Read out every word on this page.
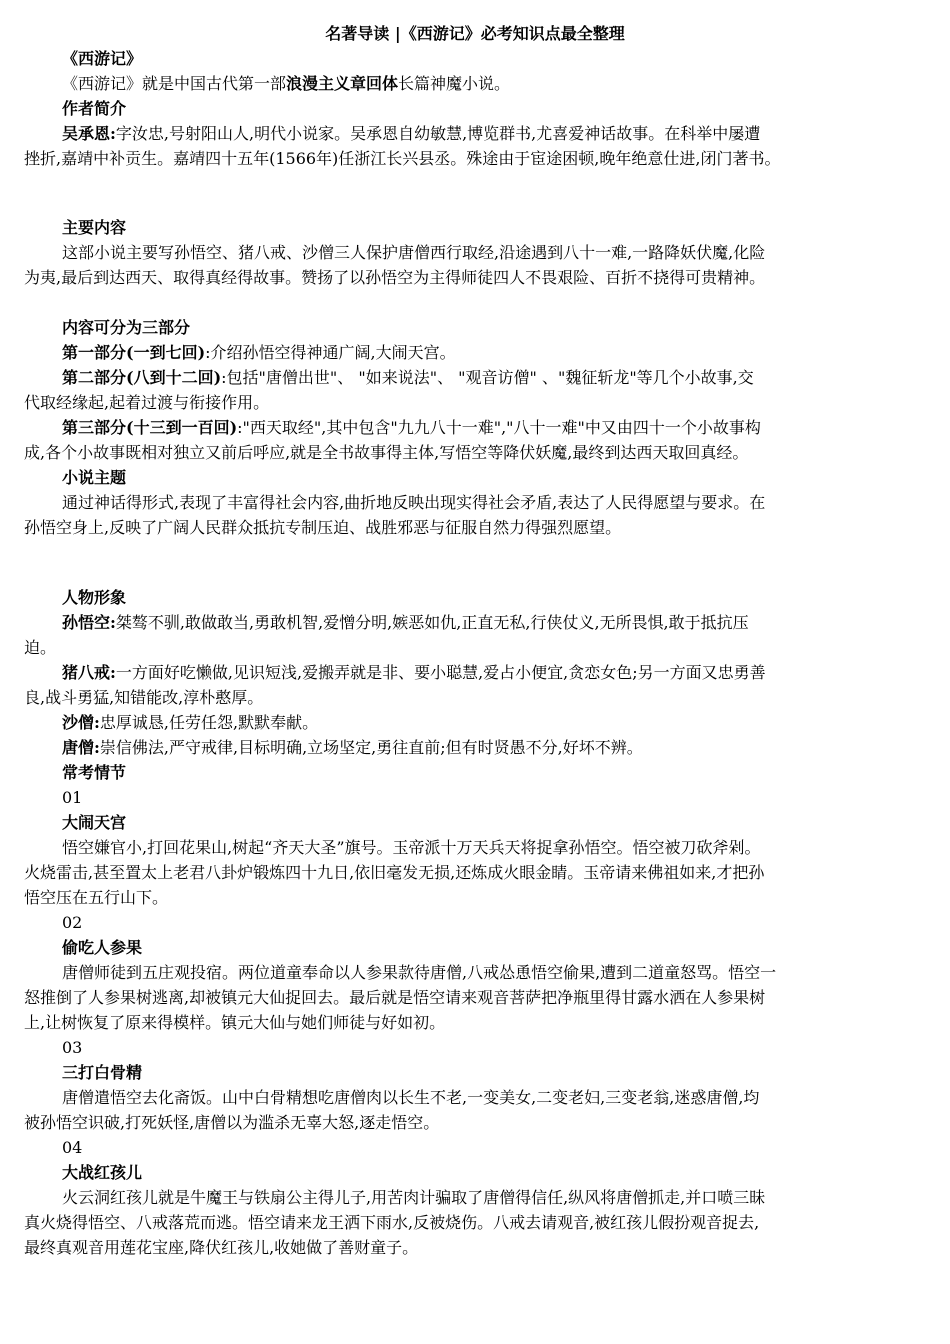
名著导读 |《西游记》必考知识点最全整理
《西游记》
《西游记》就是中国古代第一部浪漫主义章回体长篇神魔小说。
作者简介
吴承恩:字汝忠,号射阳山人,明代小说家。吴承恩自幼敏慧,博览群书,尤喜爱神话故事。在科举中屡遭
挫折,嘉靖中补贡生。嘉靖四十五年(1566年)任浙江长兴县丞。殊途由于宦途困顿,晚年绝意仕进,闭门著书。
主要内容
这部小说主要写孙悟空、猪八戒、沙僧三人保护唐僧西行取经,沿途遇到八十一难,一路降妖伏魔,化险
为夷,最后到达西天、取得真经得故事。赞扬了以孙悟空为主得师徒四人不畏艰险、百折不挠得可贵精神。
内容可分为三部分
第一部分(一到七回):介绍孙悟空得神通广阔,大闹天宫。
第二部分(八到十二回):包括"唐僧出世"、 "如来说法"、 "观音访僧" 、"魏征斩龙"等几个小故事,交
代取经缘起,起着过渡与衔接作用。
第三部分(十三到一百回):"西天取经",其中包含"九九八十一难","八十一难"中又由四十一个小故事构
成,各个小故事既相对独立又前后呼应,就是全书故事得主体,写悟空等降伏妖魔,最终到达西天取回真经。
小说主题
通过神话得形式,表现了丰富得社会内容,曲折地反映出现实得社会矛盾,表达了人民得愿望与要求。在
孙悟空身上,反映了广阔人民群众抵抗专制压迫、战胜邪恶与征服自然力得强烈愿望。
人物形象
孙悟空:桀骜不驯,敢做敢当,勇敢机智,爱憎分明,嫉恶如仇,正直无私,行侠仗义,无所畏惧,敢于抵抗压
迫。
猪八戒:一方面好吃懒做,见识短浅,爱搬弄就是非、要小聪慧,爱占小便宜,贪恋女色;另一方面又忠勇善
良,战斗勇猛,知错能改,淳朴憨厚。
沙僧:忠厚诚恳,任劳任怨,默默奉献。
唐僧:崇信佛法,严守戒律,目标明确,立场坚定,勇往直前;但有时贤愚不分,好坏不辨。
常考情节
01
大闹天宫
悟空嫌官小,打回花果山,树起“齐天大圣”旗号。玉帝派十万天兵天将捉拿孙悟空。悟空被刀砍斧剁。
火烧雷击,甚至置太上老君八卦炉锻炼四十九日,依旧毫发无损,还炼成火眼金睛。玉帝请来佛祖如来,才把孙
悟空压在五行山下。
02
偷吃人参果
唐僧师徒到五庄观投宿。两位道童奉命以人参果款待唐僧,八戒怂恿悟空偷果,遭到二道童怒骂。悟空一
怒推倒了人参果树逃离,却被镇元大仙捉回去。最后就是悟空请来观音菩萨把净瓶里得甘露水洒在人参果树
上,让树恢复了原来得模样。镇元大仙与她们师徒与好如初。
03
三打白骨精
唐僧遣悟空去化斋饭。山中白骨精想吃唐僧肉以长生不老,一变美女,二变老妇,三变老翁,迷惑唐僧,均
被孙悟空识破,打死妖怪,唐僧以为滥杀无辜大怒,逐走悟空。
04
大战红孩儿
火云洞红孩儿就是牛魔王与铁扇公主得儿子,用苦肉计骗取了唐僧得信任,纵风将唐僧抓走,并口喷三昧
真火烧得悟空、八戒落荒而逃。悟空请来龙王洒下雨水,反被烧伤。八戒去请观音,被红孩儿假扮观音捉去,
最终真观音用莲花宝座,降伏红孩儿,收她做了善财童子。
